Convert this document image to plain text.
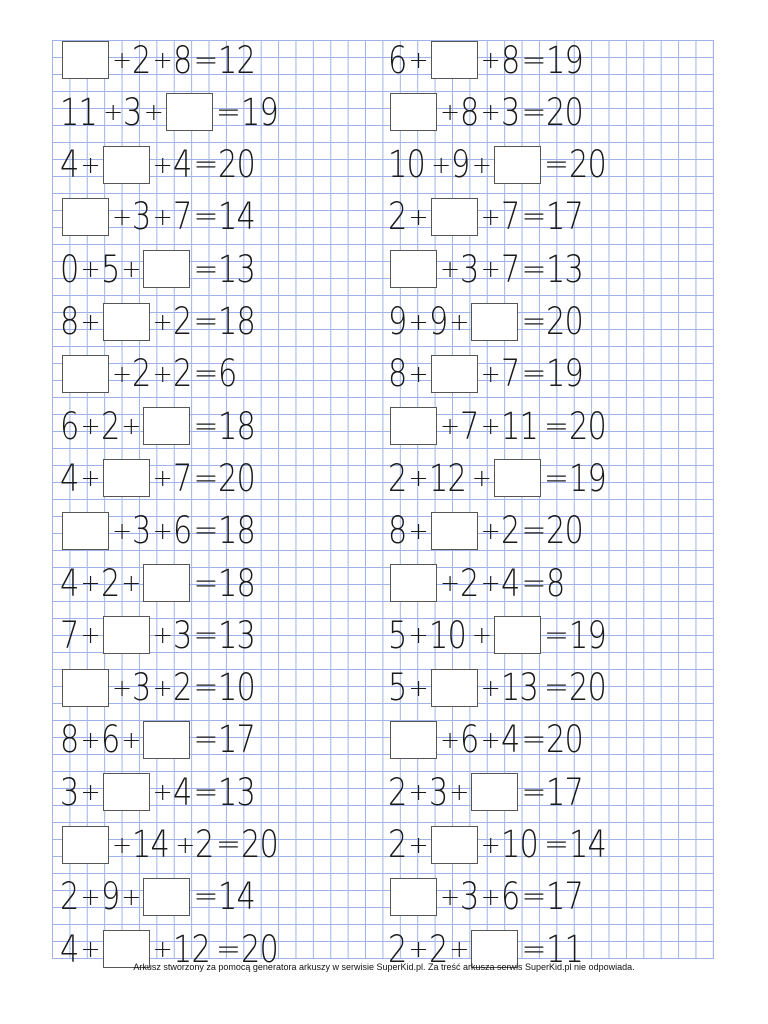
+ 2 + 8 = 12
11 + 3 + = 19
4 + + 4 = 20
+ 3 + 7 = 14
0 + 5 + = 13
8 + + 2 = 18
+ 2 + 2 = 6
6 + 2 + = 18
4 + + 7 = 20
+ 3 + 6 = 18
4 + 2 + = 18
7 + + 3 = 13
+ 3 + 2 = 10
8 + 6 + = 17
3 + + 4 = 13
+ 14 + 2 = 20
2 + 9 + = 14
4 + + 12 = 20
6 + + 8 = 19
+ 8 + 3 = 20
10 + 9 + = 20
2 + + 7 = 17
+ 3 + 7 = 13
9 + 9 + = 20
8 + + 7 = 19
+ 7 + 11 = 20
2 + 12 + = 19
8 + + 2 = 20
+ 2 + 4 = 8
5 + 10 + = 19
5 + + 13 = 20
+ 6 + 4 = 20
2 + 3 + = 17
2 + + 10 = 14
+ 3 + 6 = 17
2 + 2 + = 11
Arkusz stworzony za pomocą generatora arkuszy w serwisie SuperKid.pl. Za treść arkusza serwis SuperKid.pl nie odpowiada.
